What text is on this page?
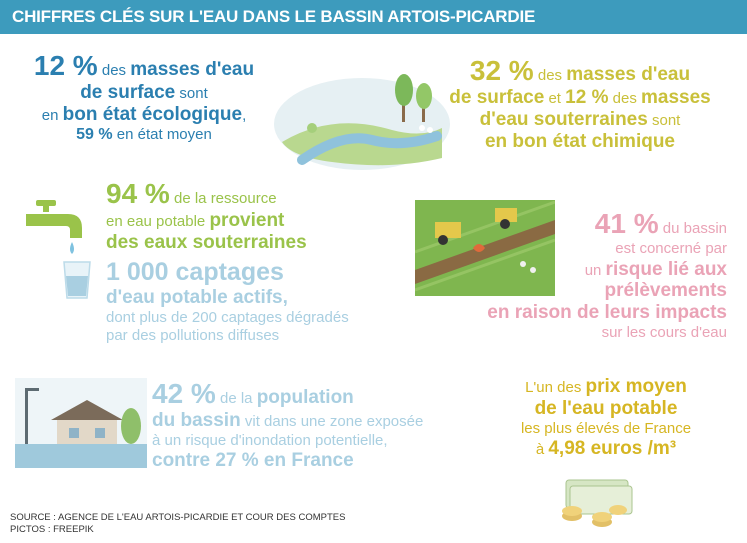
CHIFFRES CLÉS SUR L'EAU DANS LE BASSIN ARTOIS-PICARDIE
12 % des masses d'eau
de surface sont
en bon état écologique,
59 % en état moyen
32 % des masses d'eau
de surface et 12 % des masses
d'eau souterraines sont
en bon état chimique
94 % de la ressource
en eau potable provient
des eaux souterraines
1 000 captages
d'eau potable actifs,
dont plus de 200 captages dégradés
par des pollutions diffuses
41 % du bassin
est concerné par
un risque lié aux
prélèvements
en raison de leurs impacts
sur les cours d'eau
42 % de la population
du bassin vit dans une zone exposée
à un risque d'inondation potentielle,
contre 27 % en France
L'un des prix moyen
de l'eau potable
les plus élevés de France
à 4,98 euros /m³
SOURCE : AGENCE DE L'EAU ARTOIS-PICARDIE ET COUR DES COMPTES
PICTOS : FREEPIK
